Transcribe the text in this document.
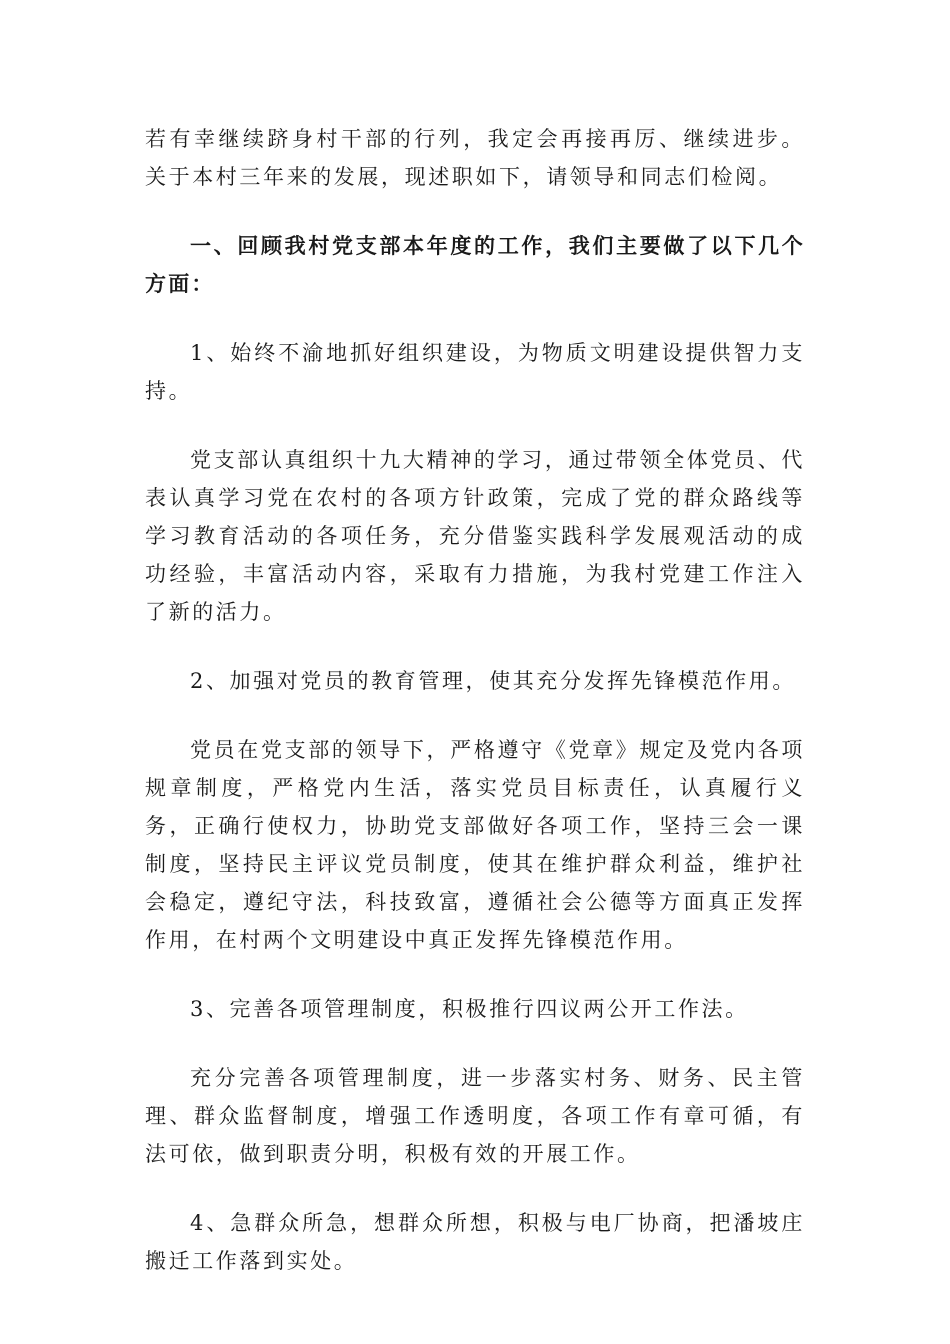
若有幸继续跻身村干部的行列，我定会再接再厉、继续进步。关于本村三年来的发展，现述职如下，请领导和同志们检阅。

一、回顾我村党支部本年度的工作，我们主要做了以下几个方面：

1、始终不渝地抓好组织建设，为物质文明建设提供智力支持。

党支部认真组织十九大精神的学习，通过带领全体党员、代表认真学习党在农村的各项方针政策，完成了党的群众路线等学习教育活动的各项任务，充分借鉴实践科学发展观活动的成功经验，丰富活动内容，采取有力措施，为我村党建工作注入了新的活力。

2、加强对党员的教育管理，使其充分发挥先锋模范作用。

党员在党支部的领导下，严格遵守《党章》规定及党内各项规章制度，严格党内生活，落实党员目标责任，认真履行义务，正确行使权力，协助党支部做好各项工作，坚持三会一课制度，坚持民主评议党员制度，使其在维护群众利益，维护社会稳定，遵纪守法，科技致富，遵循社会公德等方面真正发挥作用，在村两个文明建设中真正发挥先锋模范作用。

3、完善各项管理制度，积极推行四议两公开工作法。

充分完善各项管理制度，进一步落实村务、财务、民主管理、群众监督制度，增强工作透明度，各项工作有章可循，有法可依，做到职责分明，积极有效的开展工作。

4、急群众所急，想群众所想，积极与电厂协商，把潘坡庄搬迁工作落到实处。
